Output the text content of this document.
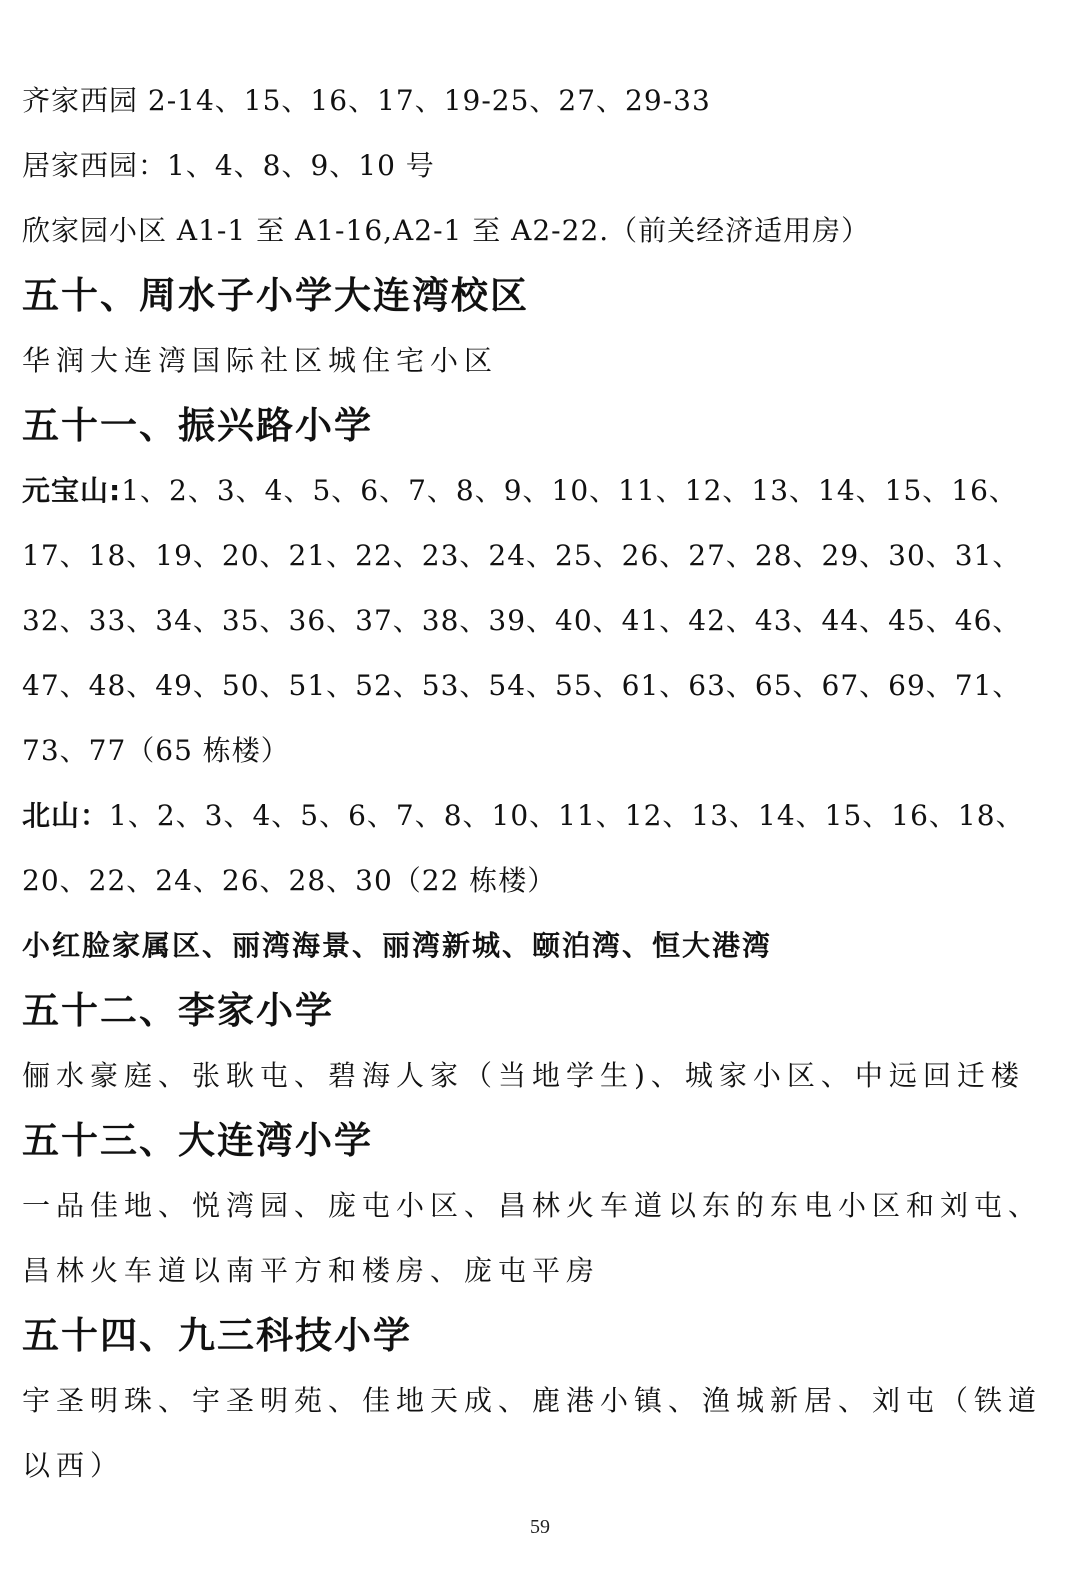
齐家西园 2-14、15、16、17、19-25、27、29-33
居家西园：1、4、8、9、10 号
欣家园小区 A1-1 至 A1-16,A2-1 至 A2-22.（前关经济适用房）
五十、周水子小学大连湾校区
华润大连湾国际社区城住宅小区
五十一、振兴路小学
元宝山:1、2、3、4、5、6、7、8、9、10、11、12、13、14、15、16、
17、18、19、20、21、22、23、24、25、26、27、28、29、30、31、
32、33、34、35、36、37、38、39、40、41、42、43、44、45、46、
47、48、49、50、51、52、53、54、55、61、63、65、67、69、71、
73、77（65 栋楼）
北山：1、2、3、4、5、6、7、8、10、11、12、13、14、15、16、18、
20、22、24、26、28、30（22 栋楼）
小红脸家属区、丽湾海景、丽湾新城、颐泊湾、恒大港湾
五十二、李家小学
俪水豪庭、张耿屯、碧海人家（当地学生)、城家小区、中远回迁楼
五十三、大连湾小学
一品佳地、悦湾园、庞屯小区、昌林火车道以东的东电小区和刘屯、
昌林火车道以南平方和楼房、庞屯平房
五十四、九三科技小学
宇圣明珠、宇圣明苑、佳地天成、鹿港小镇、渔城新居、刘屯（铁道
以西）
59
